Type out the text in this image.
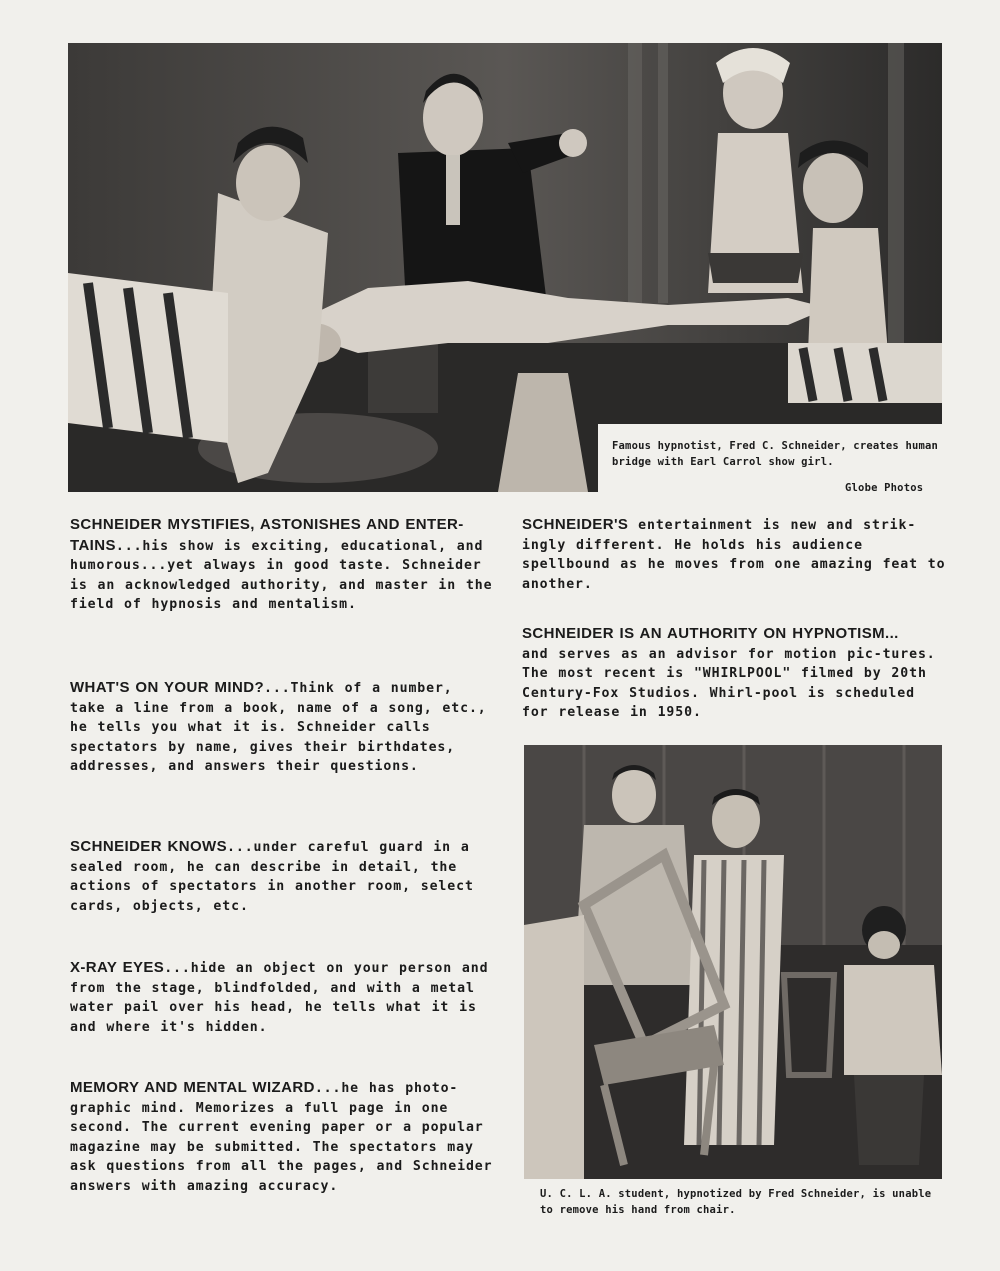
Famous hypnotist, Fred C. Schneider, creates human bridge with Earl Carrol show girl.
Globe Photos

SCHNEIDER MYSTIFIES, ASTONISHES AND ENTER-TAINS...his show is exciting, educational, and humorous...yet always in good taste. Schneider is an acknowledged authority, and master in the field of hypnosis and mentalism.

WHAT'S ON YOUR MIND?...Think of a number, take a line from a book, name of a song, etc., he tells you what it is. Schneider calls spectators by name, gives their birthdates, addresses, and answers their questions.

SCHNEIDER KNOWS...under careful guard in a sealed room, he can describe in detail, the actions of spectators in another room, select cards, objects, etc.

X-RAY EYES...hide an object on your person and from the stage, blindfolded, and with a metal water pail over his head, he tells what it is and where it's hidden.

MEMORY AND MENTAL WIZARD...he has photo-graphic mind. Memorizes a full page in one second. The current evening paper or a popular magazine may be submitted. The spectators may ask questions from all the pages, and Schneider answers with amazing accuracy.

SCHNEIDER'S entertainment is new and strik-ingly different. He holds his audience spellbound as he moves from one amazing feat to another.

SCHNEIDER IS AN AUTHORITY ON HYPNOTISM...
and serves as an advisor for motion pic-tures. The most recent is "WHIRLPOOL" filmed by 20th Century-Fox Studios. Whirl-pool is scheduled for release in 1950.

U. C. L. A. student, hypnotized by Fred Schneider, is unable to remove his hand from chair.
